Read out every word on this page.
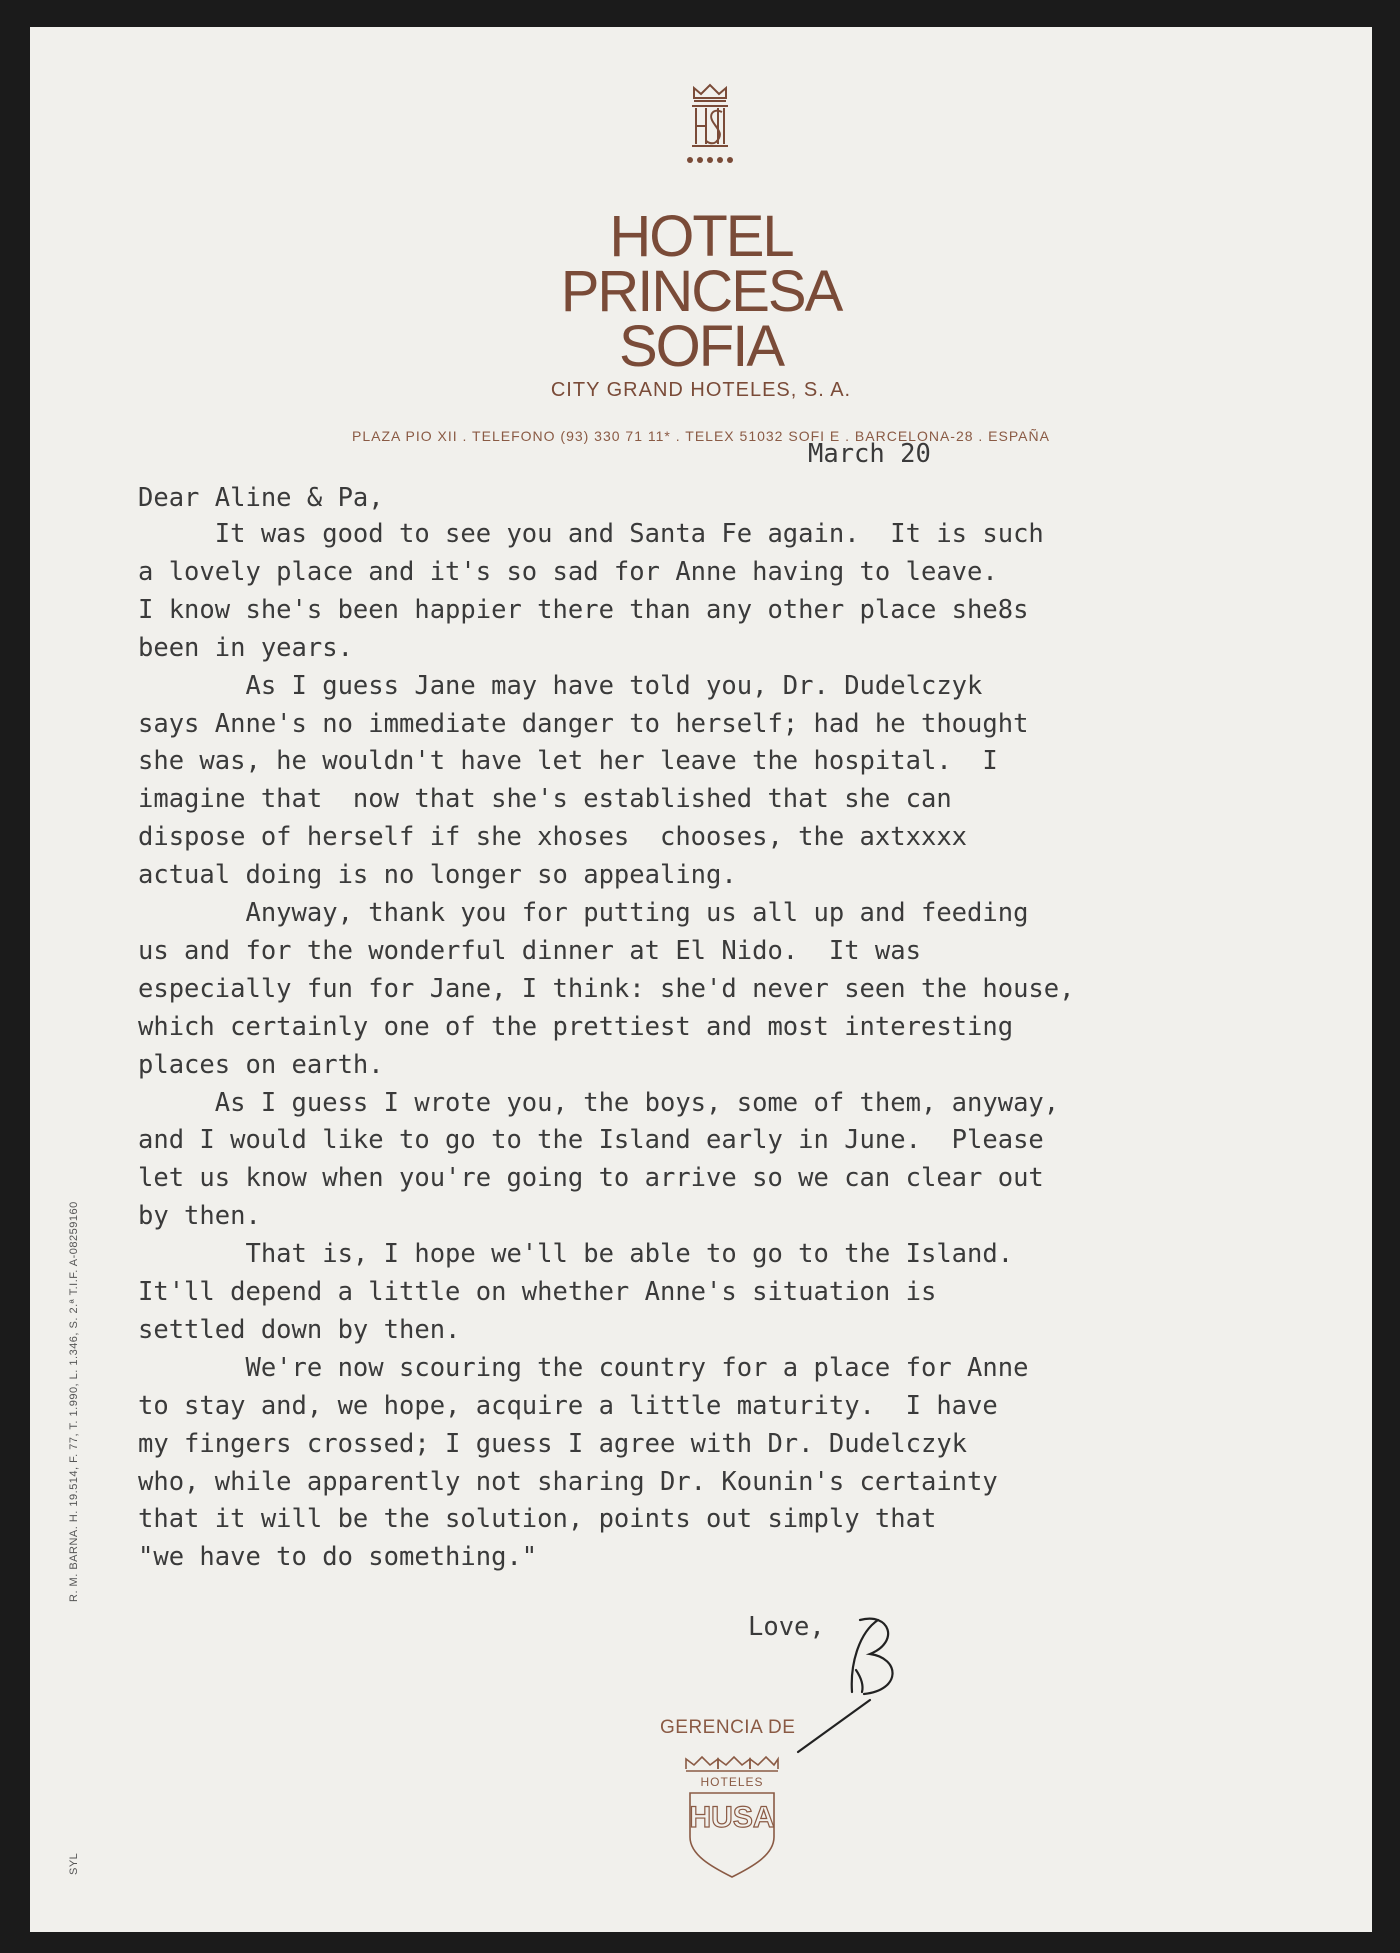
HOTEL
PRINCESA
SOFIA
CITY GRAND HOTELES, S. A.
PLAZA PIO XII . TELEFONO (93) 330 71 11* . TELEX 51032 SOFI E . BARCELONA-28 . ESPAÑA
March 20
Dear Aline & Pa,
It was good to see you and Santa Fe again.  It is such
a lovely place and it's so sad for Anne having to leave.
I know she's been happier there than any other place she8s
been in years.
As I guess Jane may have told you, Dr. Dudelczyk
says Anne's no immediate danger to herself; had he thought
she was, he wouldn't have let her leave the hospital.  I
imagine that  now that she's established that she can
dispose of herself if she xhoses  chooses, the axtxxxx
actual doing is no longer so appealing.
Anyway, thank you for putting us all up and feeding
us and for the wonderful dinner at El Nido.  It was
especially fun for Jane, I think: she'd never seen the house,
which certainly one of the prettiest and most interesting
places on earth.
As I guess I wrote you, the boys, some of them, anyway,
and I would like to go to the Island early in June.  Please
let us know when you're going to arrive so we can clear out
by then.
That is, I hope we'll be able to go to the Island.
It'll depend a little on whether Anne's situation is
settled down by then.
We're now scouring the country for a place for Anne
to stay and, we hope, acquire a little maturity.  I have
my fingers crossed; I guess I agree with Dr. Dudelczyk
who, while apparently not sharing Dr. Kounin's certainty
that it will be the solution, points out simply that
"we have to do something."
Love,
GERENCIA DE
HOTELES
HUSA
R. M. BARNA. H. 19.514, F. 77, T. 1.990, L. 1.346, S. 2.ª T.I.F. A-08259160
SYL
